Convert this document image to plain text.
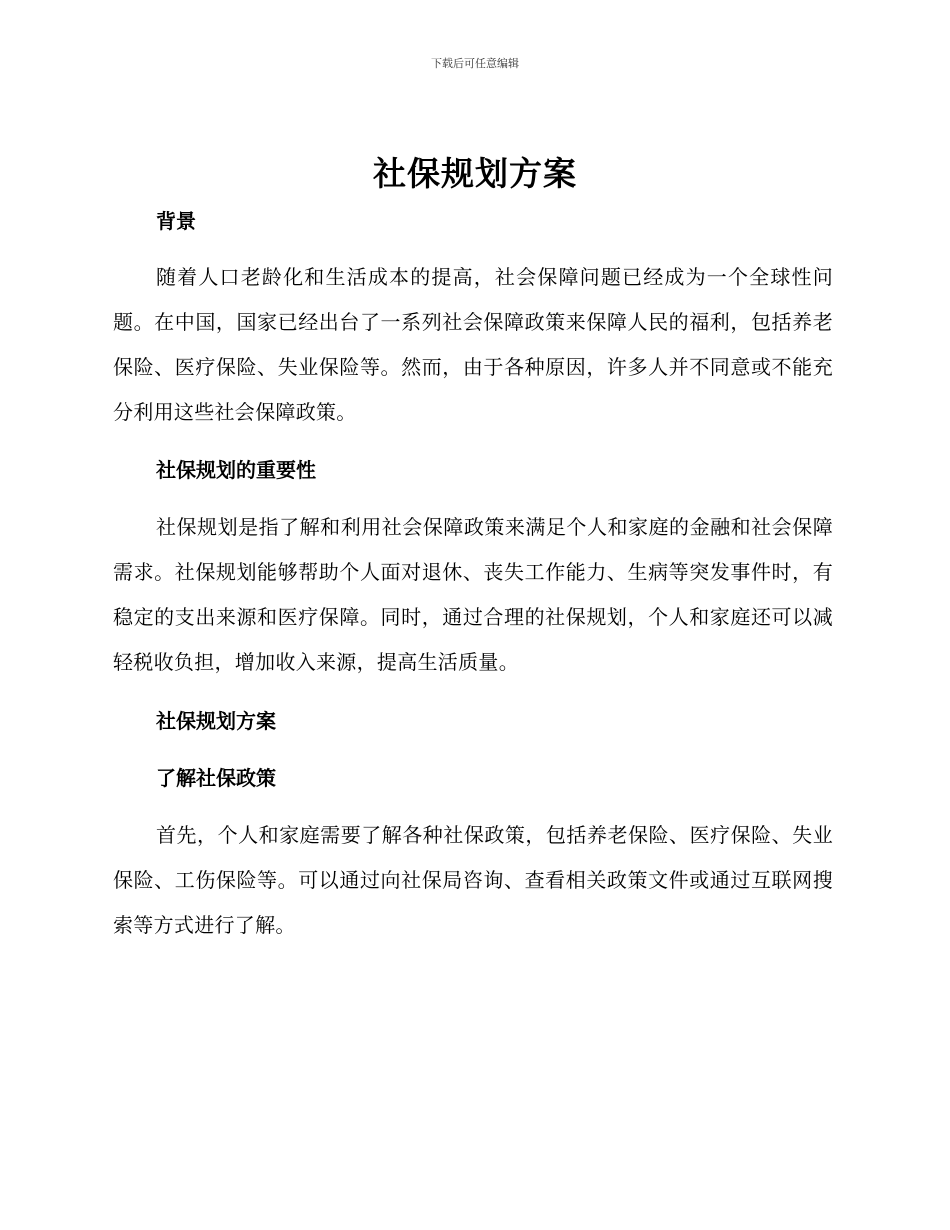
下载后可任意编辑
社保规划方案
背景
随着人口老龄化和生活成本的提高，社会保障问题已经成为一个全球性问题。在中国，国家已经出台了一系列社会保障政策来保障人民的福利，包括养老保险、医疗保险、失业保险等。然而，由于各种原因，许多人并不同意或不能充分利用这些社会保障政策。
社保规划的重要性
社保规划是指了解和利用社会保障政策来满足个人和家庭的金融和社会保障需求。社保规划能够帮助个人面对退休、丧失工作能力、生病等突发事件时，有稳定的支出来源和医疗保障。同时，通过合理的社保规划，个人和家庭还可以减轻税收负担，增加收入来源，提高生活质量。
社保规划方案
了解社保政策
首先，个人和家庭需要了解各种社保政策，包括养老保险、医疗保险、失业保险、工伤保险等。可以通过向社保局咨询、查看相关政策文件或通过互联网搜索等方式进行了解。
